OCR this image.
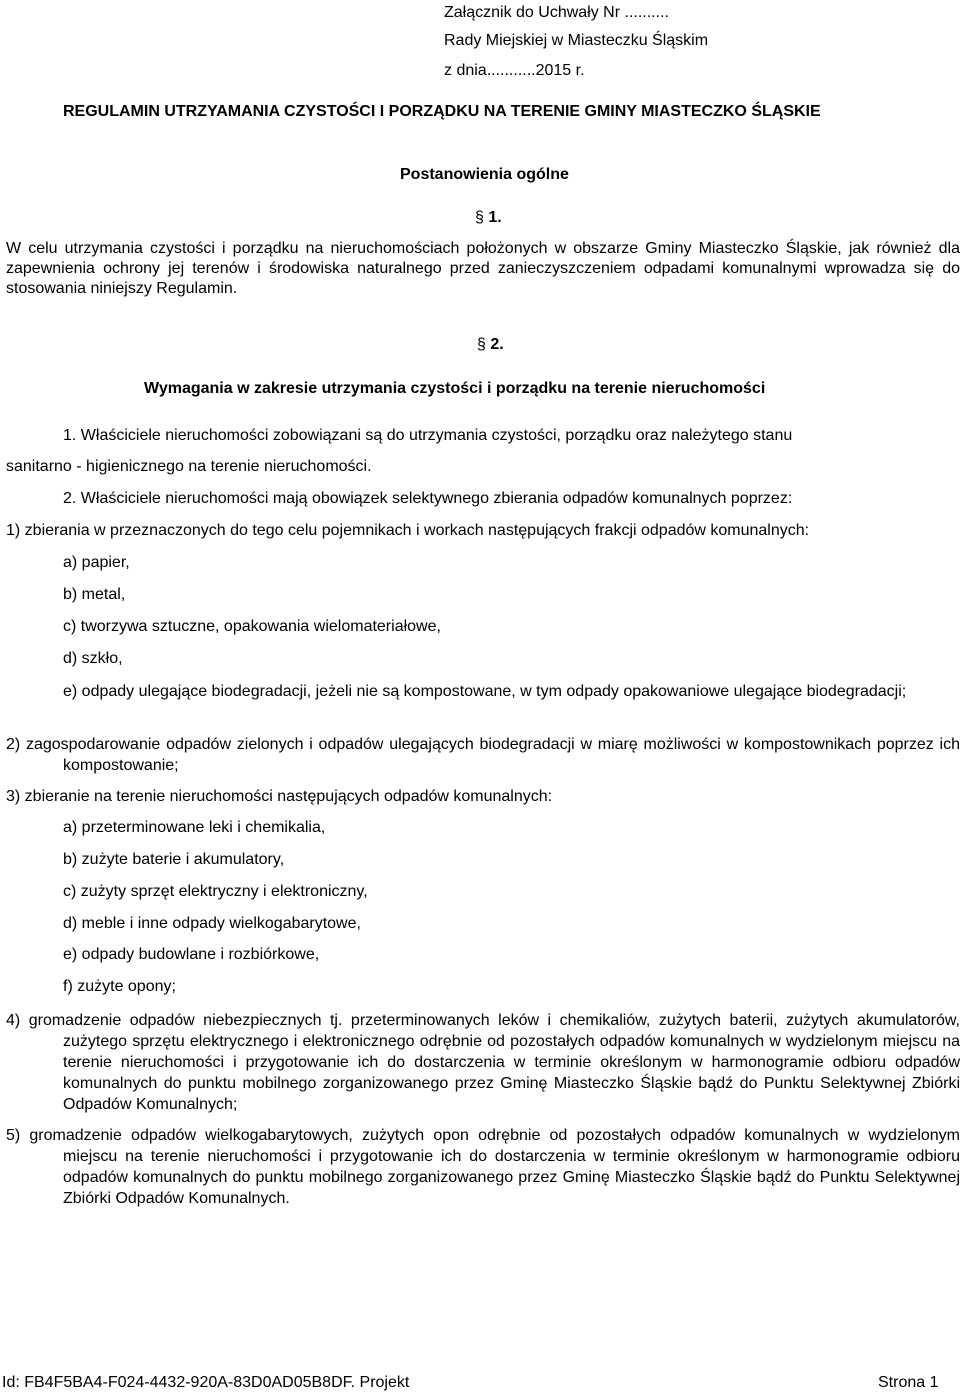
Załącznik do Uchwały Nr ..........
Rady Miejskiej w Miasteczku Śląskim
z dnia...........2015 r.
REGULAMIN UTRZYAMANIA CZYSTOŚCI I PORZĄDKU NA TERENIE GMINY MIASTECZKO ŚLĄSKIE
Postanowienia ogólne
§ 1.
W celu utrzymania czystości i porządku na nieruchomościach położonych w obszarze Gminy Miasteczko Śląskie, jak również dla zapewnienia ochrony jej terenów i środowiska naturalnego przed zanieczyszczeniem odpadami komunalnymi wprowadza się do stosowania niniejszy Regulamin.
§ 2.
Wymagania w zakresie utrzymania czystości i porządku na terenie nieruchomości
1. Właściciele nieruchomości zobowiązani są do utrzymania czystości, porządku oraz należytego stanu
sanitarno - higienicznego na terenie nieruchomości.
2. Właściciele nieruchomości mają obowiązek selektywnego zbierania odpadów komunalnych poprzez:
1) zbierania w przeznaczonych do tego celu pojemnikach i workach następujących frakcji odpadów komunalnych:
a) papier,
b) metal,
c) tworzywa sztuczne, opakowania wielomateriałowe,
d) szkło,
e) odpady ulegające biodegradacji, jeżeli nie są kompostowane, w tym odpady opakowaniowe ulegające biodegradacji;
2) zagospodarowanie odpadów zielonych i odpadów ulegających biodegradacji w miarę możliwości w kompostownikach poprzez ich kompostowanie;
3) zbieranie na terenie nieruchomości następujących odpadów komunalnych:
a) przeterminowane leki i chemikalia,
b) zużyte baterie i akumulatory,
c) zużyty sprzęt elektryczny i elektroniczny,
d) meble i inne odpady wielkogabarytowe,
e) odpady budowlane i rozbiórkowe,
f) zużyte opony;
4) gromadzenie odpadów niebezpiecznych tj. przeterminowanych leków i chemikaliów, zużytych baterii, zużytych akumulatorów, zużytego sprzętu elektrycznego i elektronicznego odrębnie od pozostałych odpadów komunalnych w wydzielonym miejscu na terenie nieruchomości i przygotowanie ich do dostarczenia w terminie określonym w harmonogramie odbioru odpadów komunalnych do punktu mobilnego zorganizowanego przez Gminę Miasteczko Śląskie bądź do Punktu Selektywnej Zbiórki Odpadów Komunalnych;
5) gromadzenie odpadów wielkogabarytowych, zużytych opon odrębnie od pozostałych odpadów komunalnych w wydzielonym miejscu na terenie nieruchomości i przygotowanie ich do dostarczenia w terminie określonym w harmonogramie odbioru odpadów komunalnych do punktu mobilnego zorganizowanego przez Gminę Miasteczko Śląskie bądź do Punktu Selektywnej Zbiórki Odpadów Komunalnych.
Id: FB4F5BA4-F024-4432-920A-83D0AD05B8DF. Projekt	Strona 1
